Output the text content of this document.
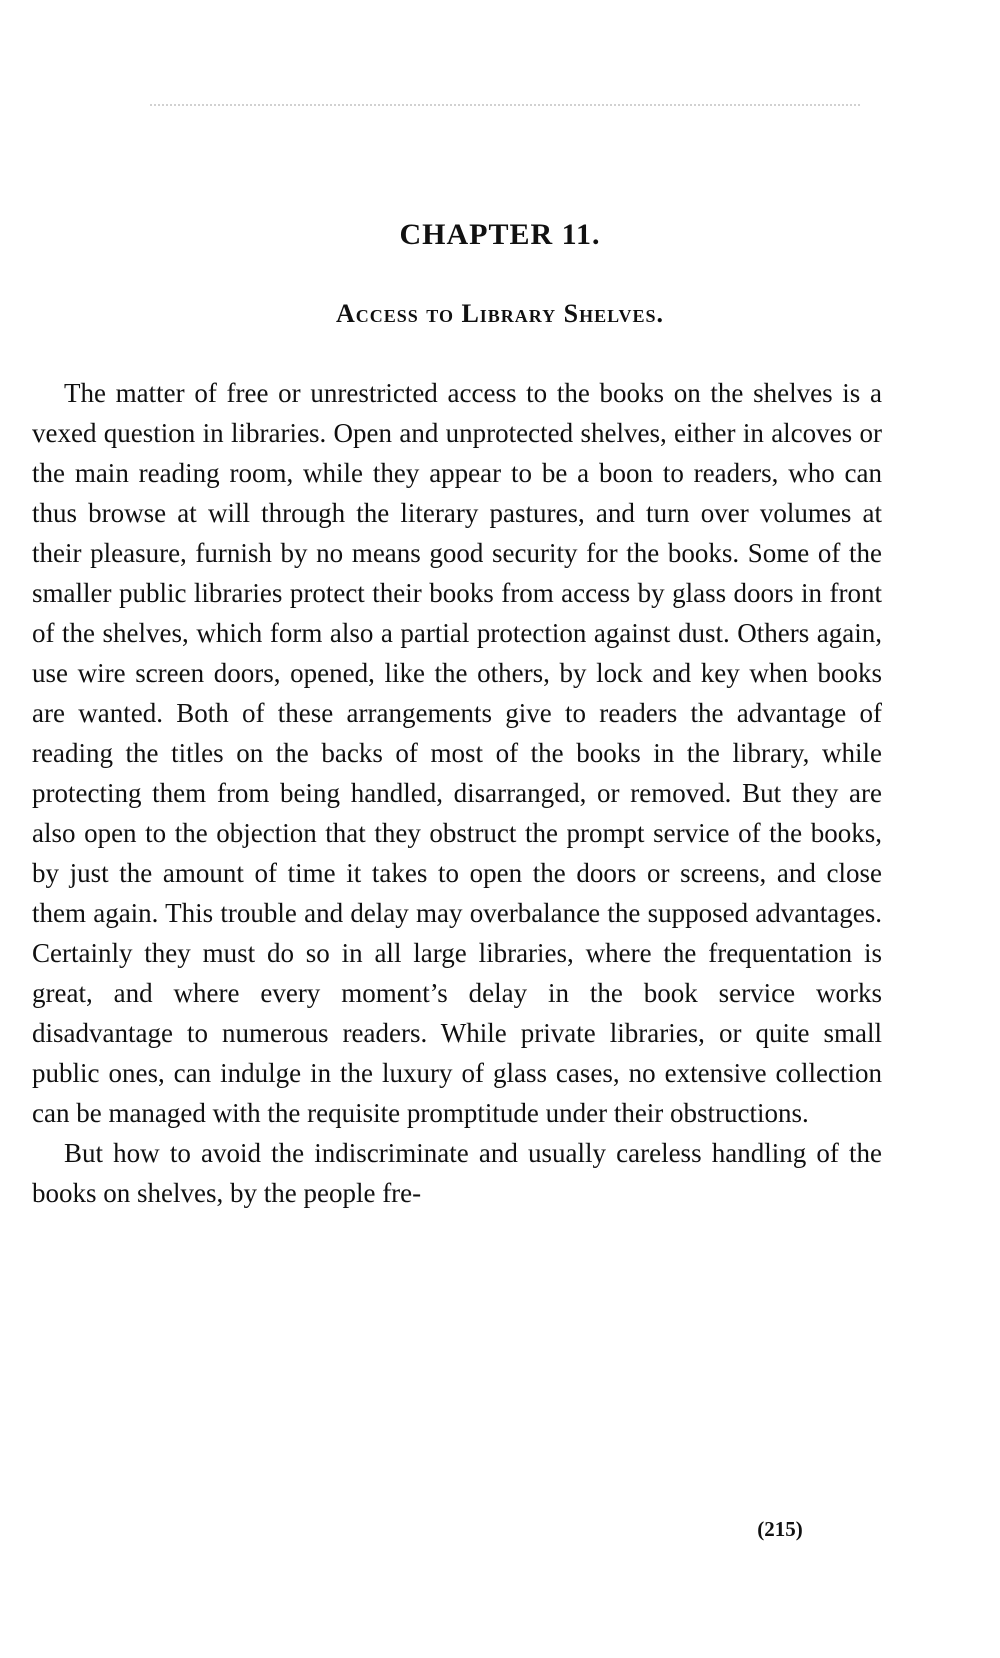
CHAPTER 11.
Access to Library Shelves.

The matter of free or unrestricted access to the books on the shelves is a vexed question in libraries. Open and unprotected shelves, either in alcoves or the main reading room, while they appear to be a boon to readers, who can thus browse at will through the literary pastures, and turn over volumes at their pleasure, furnish by no means good security for the books. Some of the smaller public libraries protect their books from access by glass doors in front of the shelves, which form also a partial protection against dust. Others again, use wire screen doors, opened, like the others, by lock and key when books are wanted. Both of these arrangements give to readers the advantage of reading the titles on the backs of most of the books in the library, while protecting them from being handled, disarranged, or removed. But they are also open to the objection that they obstruct the prompt service of the books, by just the amount of time it takes to open the doors or screens, and close them again. This trouble and delay may overbalance the supposed advantages. Certainly they must do so in all large libraries, where the frequentation is great, and where every moment’s delay in the book service works disadvantage to numerous readers. While private libraries, or quite small public ones, can indulge in the luxury of glass cases, no extensive collection can be managed with the requisite promptitude under their obstructions.

But how to avoid the indiscriminate and usually careless handling of the books on shelves, by the people fre-

(215)
